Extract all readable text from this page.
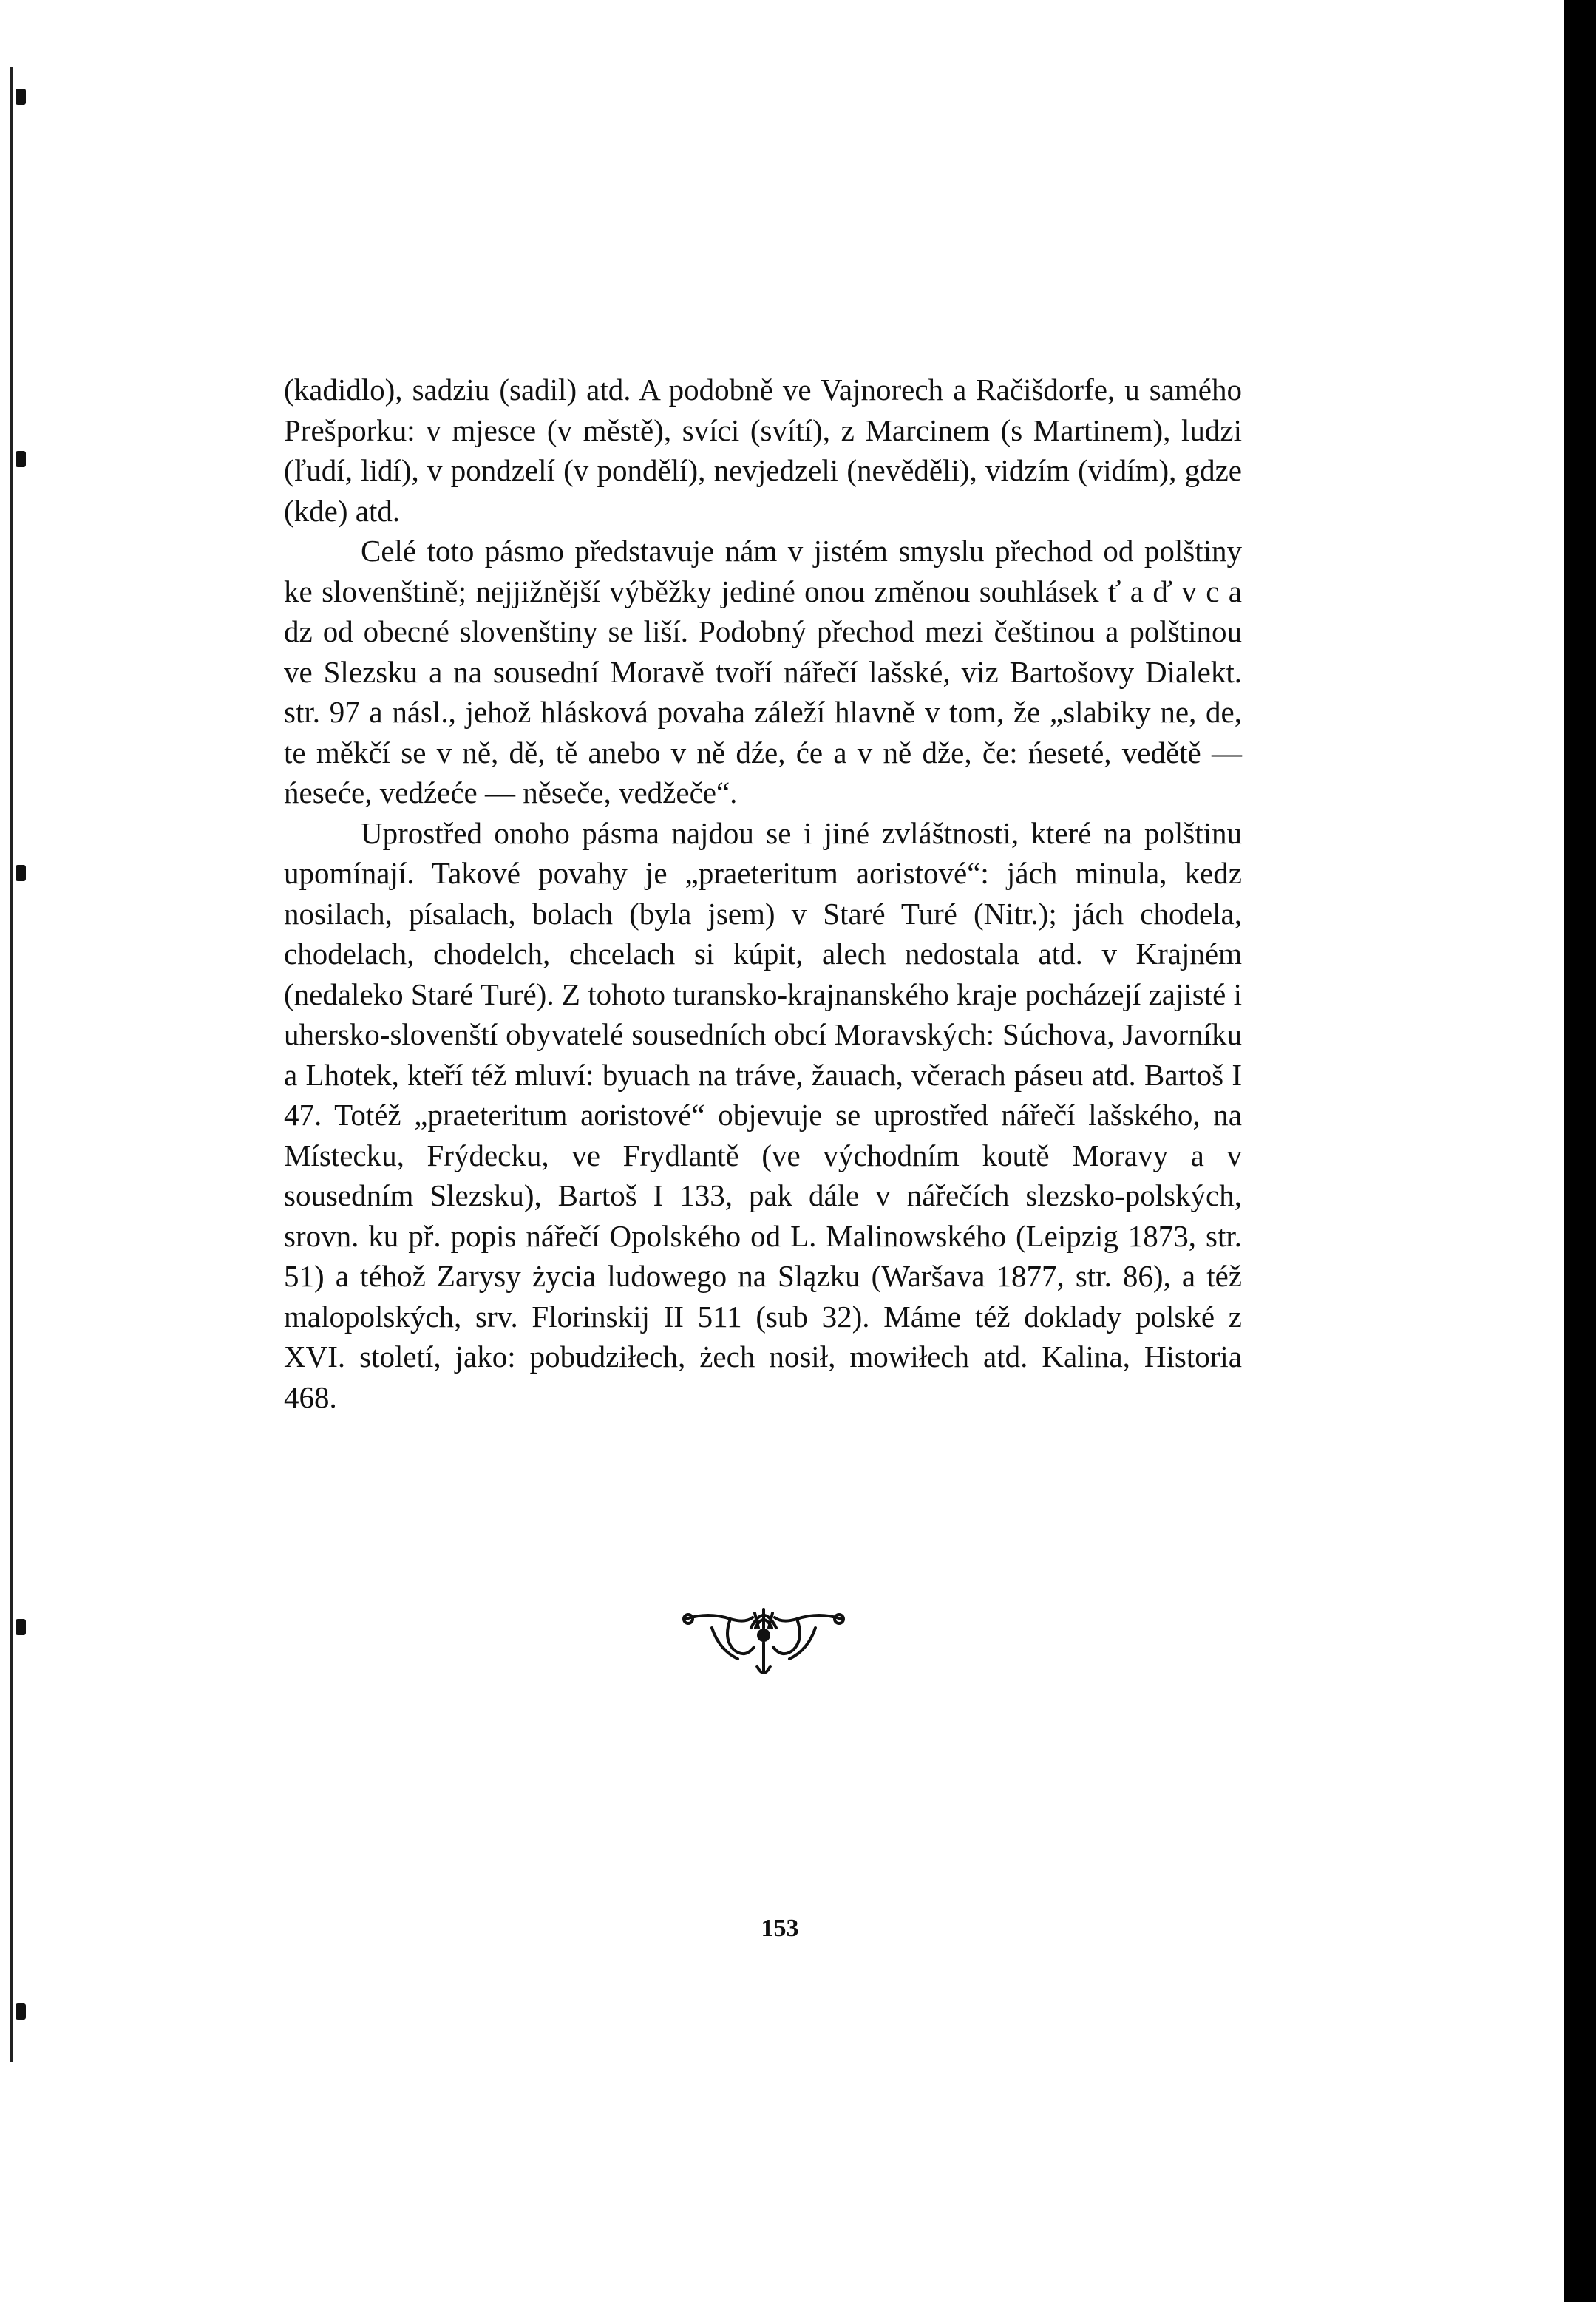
(kadidlo), sadziu (sadil) atd. A podobně ve Vajnorech a Račišdorfe, u samého Prešporku: v mjesce (v městě), svíci (svítí), z Marcinem (s Martinem), ludzi (ľudí, lidí), v pondzelí (v pondělí), nevjedzeli (nevěděli), vidzím (vidím), gdze (kde) atd.

Celé toto pásmo představuje nám v jistém smyslu přechod od polštiny ke slovenštině; nejjižnější výběžky jediné onou změnou souhlásek ť a ď v c a dz od obecné slovenštiny se liší. Podobný přechod mezi češtinou a polštinou ve Slezsku a na sousední Moravě tvoří nářečí lašské, viz Bartošovy Dialekt. str. 97 a násl., jehož hlásková povaha záleží hlavně v tom, že „slabiky ne, de, te měkčí se v ně, dě, tě anebo v ně dźe, će a v ně dže, če: ńeseté, vedětě — ńeseće, vedźeće — něseče, vedžeče“.

Uprostřed onoho pásma najdou se i jiné zvláštnosti, které na polštinu upomínají. Takové povahy je „praeteritum aoristové“: jách minula, kedz nosilach, písalach, bolach (byla jsem) v Staré Turé (Nitr.); jách chodela, chodelach, chodelch, chcelach si kúpit, alech nedostala atd. v Krajném (nedaleko Staré Turé). Z tohoto turansko-krajnanského kraje pocházejí zajisté i uhersko-slovenští obyvatelé sousedních obcí Moravských: Súchova, Javorníku a Lhotek, kteří též mluví: byuach na tráve, žauach, včerach páseu atd. Bartoš I 47. Totéž „praeteritum aoristové“ objevuje se uprostřed nářečí lašského, na Místecku, Frýdecku, ve Frydlantě (ve východním koutě Moravy a v sousedním Slezsku), Bartoš I 133, pak dále v nářečích slezsko-polských, srovn. ku př. popis nářečí Opolského od L. Malinowského (Leipzig 1873, str. 51) a téhož Zarysy życia ludowego na Slązku (Waršava 1877, str. 86), a též malopolských, srv. Florinskij II 511 (sub 32). Máme též doklady polské z XVI. století, jako: pobudziłech, żech nosił, mowiłech atd. Kalina, Historia 468.

153
